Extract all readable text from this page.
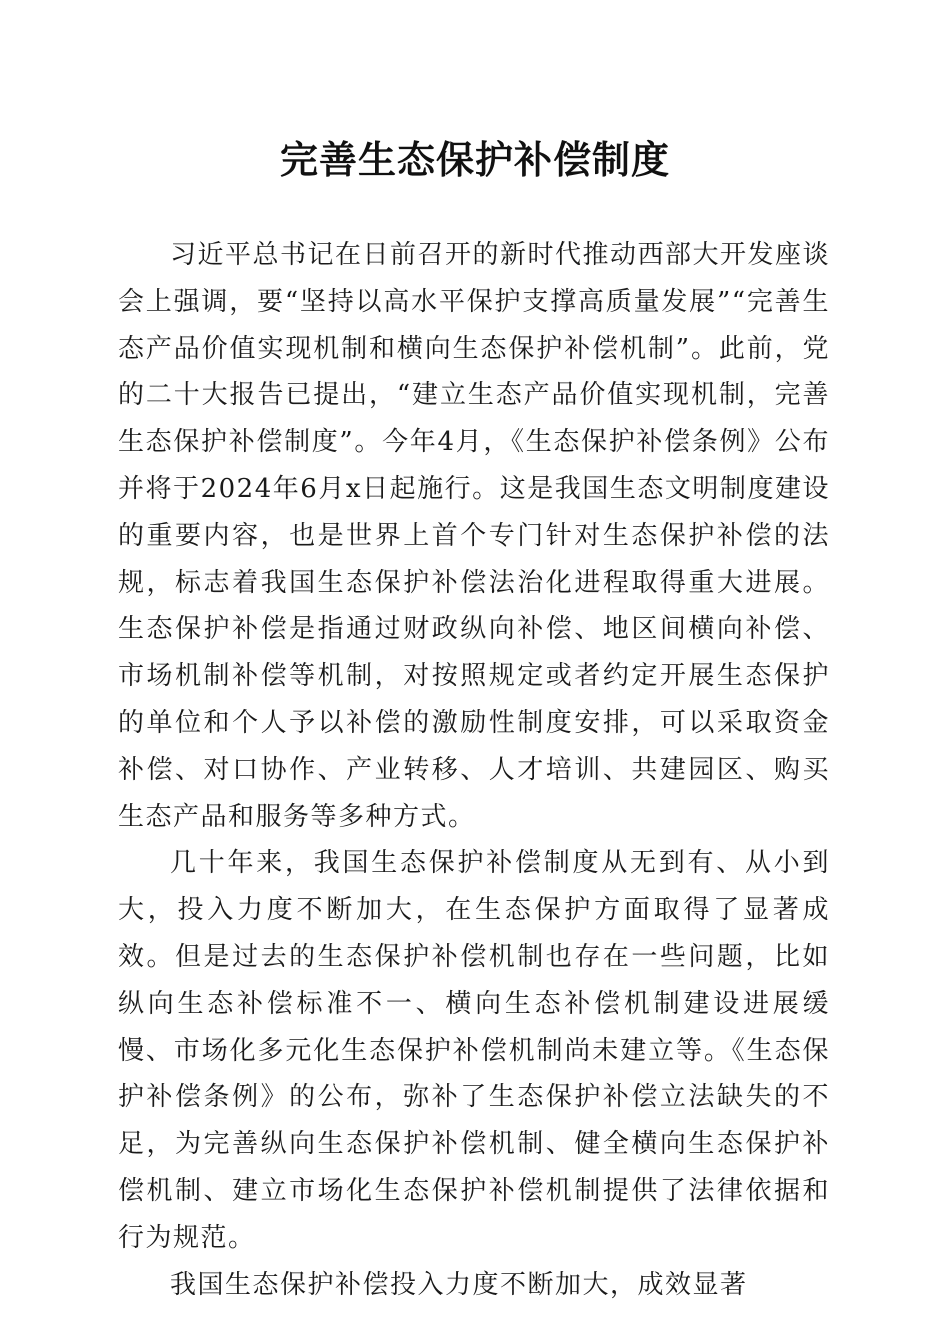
完善生态保护补偿制度

习近平总书记在日前召开的新时代推动西部大开发座谈会上强调，要“坚持以高水平保护支撑高质量发展”“完善生态产品价值实现机制和横向生态保护补偿机制”。此前，党的二十大报告已提出，“建立生态产品价值实现机制，完善生态保护补偿制度”。今年4月，《生态保护补偿条例》公布并将于2024年6月x日起施行。这是我国生态文明制度建设的重要内容，也是世界上首个专门针对生态保护补偿的法规，标志着我国生态保护补偿法治化进程取得重大进展。生态保护补偿是指通过财政纵向补偿、地区间横向补偿、市场机制补偿等机制，对按照规定或者约定开展生态保护的单位和个人予以补偿的激励性制度安排，可以采取资金补偿、对口协作、产业转移、人才培训、共建园区、购买生态产品和服务等多种方式。

几十年来，我国生态保护补偿制度从无到有、从小到大，投入力度不断加大，在生态保护方面取得了显著成效。但是过去的生态保护补偿机制也存在一些问题，比如纵向生态补偿标准不一、横向生态补偿机制建设进展缓慢、市场化多元化生态保护补偿机制尚未建立等。《生态保护补偿条例》的公布，弥补了生态保护补偿立法缺失的不足，为完善纵向生态保护补偿机制、健全横向生态保护补偿机制、建立市场化生态保护补偿机制提供了法律依据和行为规范。

我国生态保护补偿投入力度不断加大，成效显著
